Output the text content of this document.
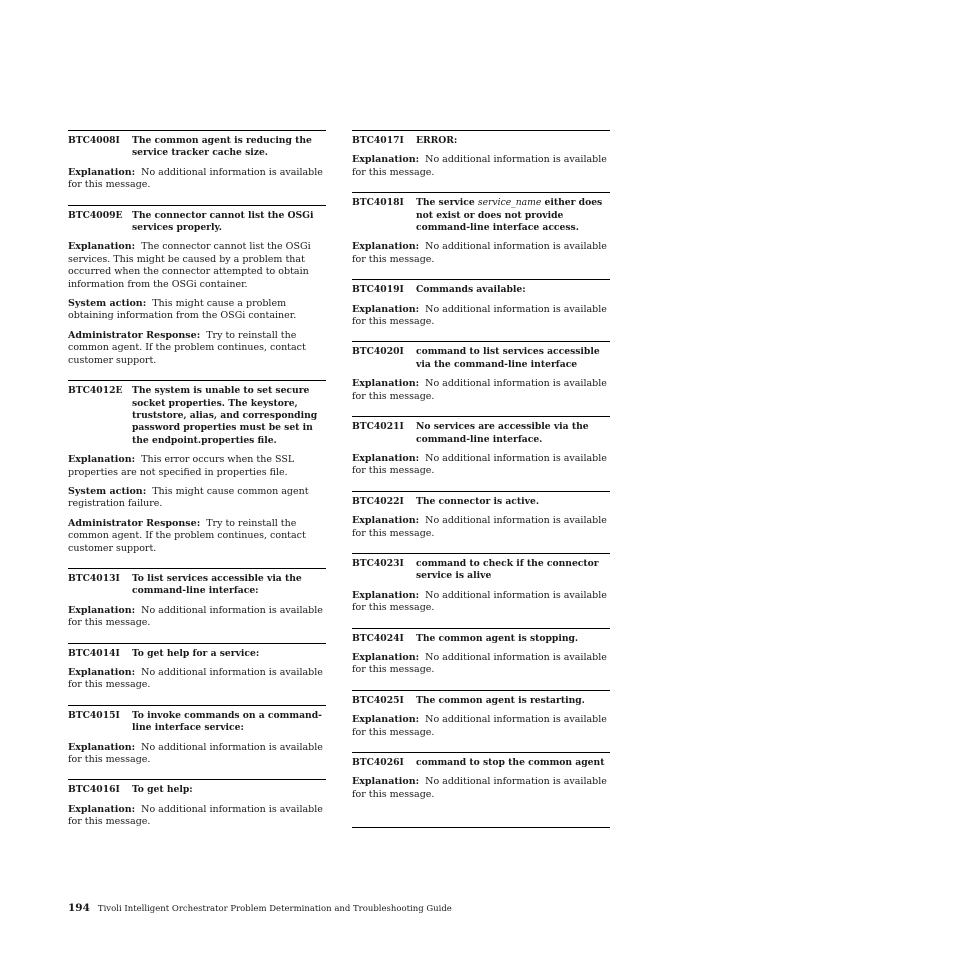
BTC4008I	The common agent is reducing the service tracker cache size.
Explanation: No additional information is available for this message.
BTC4009E	The connector cannot list the OSGi services properly.
Explanation: The connector cannot list the OSGi services. This might be caused by a problem that occurred when the connector attempted to obtain information from the OSGi container.
System action: This might cause a problem obtaining information from the OSGi container.
Administrator Response: Try to reinstall the common agent. If the problem continues, contact customer support.
BTC4012E	The system is unable to set secure socket properties. The keystore, truststore, alias, and corresponding password properties must be set in the endpoint.properties file.
Explanation: This error occurs when the SSL properties are not specified in properties file.
System action: This might cause common agent registration failure.
Administrator Response: Try to reinstall the common agent. If the problem continues, contact customer support.
BTC4013I	To list services accessible via the command-line interface:
Explanation: No additional information is available for this message.
BTC4014I	To get help for a service:
Explanation: No additional information is available for this message.
BTC4015I	To invoke commands on a command-line interface service:
Explanation: No additional information is available for this message.
BTC4016I	To get help:
Explanation: No additional information is available for this message.
BTC4017I	ERROR:
Explanation: No additional information is available for this message.
BTC4018I	The service service_name either does not exist or does not provide command-line interface access.
Explanation: No additional information is available for this message.
BTC4019I	Commands available:
Explanation: No additional information is available for this message.
BTC4020I	command to list services accessible via the command-line interface
Explanation: No additional information is available for this message.
BTC4021I	No services are accessible via the command-line interface.
Explanation: No additional information is available for this message.
BTC4022I	The connector is active.
Explanation: No additional information is available for this message.
BTC4023I	command to check if the connector service is alive
Explanation: No additional information is available for this message.
BTC4024I	The common agent is stopping.
Explanation: No additional information is available for this message.
BTC4025I	The common agent is restarting.
Explanation: No additional information is available for this message.
BTC4026I	command to stop the common agent
Explanation: No additional information is available for this message.
194 Tivoli Intelligent Orchestrator Problem Determination and Troubleshooting Guide
